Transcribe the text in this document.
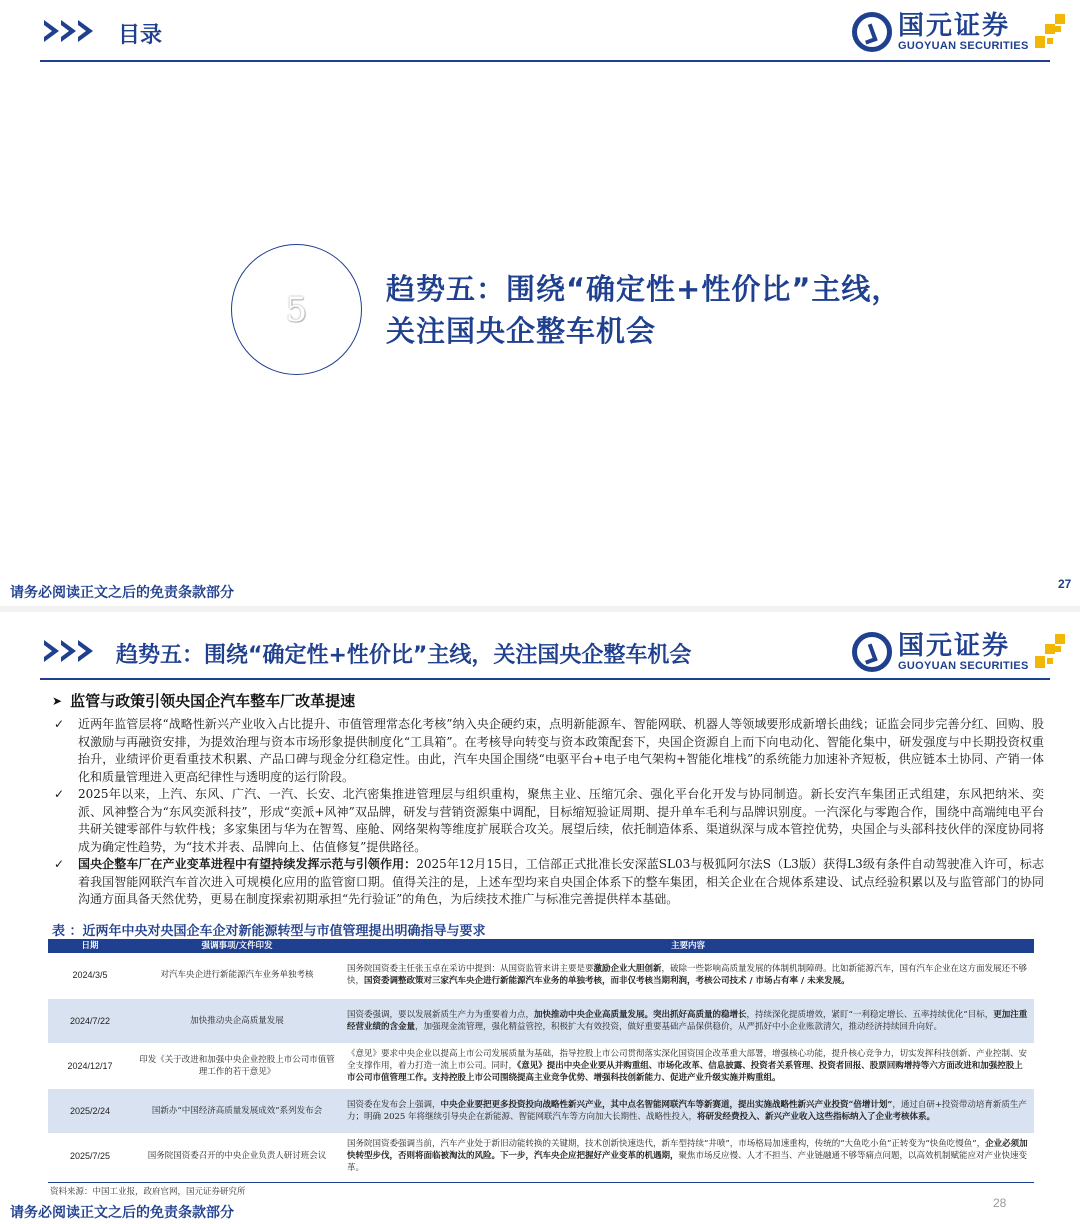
目录	国元证券
GUOYUAN SECURITIES
5
趋势五：围绕“确定性+性价比”主线，
关注国央企整车机会
请务必阅读正文之后的免责条款部分
27
趋势五：围绕“确定性+性价比”主线，关注国央企整车机会	国元证券
GUOYUAN SECURITIES
➤ 监管与政策引领央国企汽车整车厂改革提速
✓	近两年监管层将“战略性新兴产业收入占比提升、市值管理常态化考核”纳入央企硬约束，点明新能源车、智能网联、机器人等领域要形成新增长曲线；证监会同步完善分红、回购、股权激励与再融资安排，为提效治理与资本市场形象提供制度化“工具箱”。在考核导向转变与资本政策配套下，央国企资源自上而下向电动化、智能化集中，研发强度与中长期投资权重抬升，业绩评价更看重技术积累、产品口碑与现金分红稳定性。由此，汽车央国企围绕“电驱平台+电子电气架构+智能化堆栈”的系统能力加速补齐短板，供应链本土协同、产销一体化和质量管理进入更高纪律性与透明度的运行阶段。
✓	2025年以来，上汽、东风、广汽、一汽、长安、北汽密集推进管理层与组织重构，聚焦主业、压缩冗余、强化平台化开发与协同制造。新长安汽车集团正式组建，东风把纳米、奕派、风神整合为“东风奕派科技”，形成“奕派+风神”双品牌，研发与营销资源集中调配，目标缩短验证周期、提升单车毛利与品牌识别度。一汽深化与零跑合作，围绕中高端纯电平台共研关键零部件与软件栈；多家集团与华为在智驾、座舱、网络架构等维度扩展联合攻关。展望后续，依托制造体系、渠道纵深与成本管控优势，央国企与头部科技伙伴的深度协同将成为确定性趋势，为“技术并表、品牌向上、估值修复”提供路径。
✓	国央企整车厂在产业变革进程中有望持续发挥示范与引领作用：2025年12月15日，工信部正式批准长安深蓝SL03与极狐阿尔法S（L3版）获得L3级有条件自动驾驶准入许可，标志着我国智能网联汽车首次进入可规模化应用的监管窗口期。值得关注的是，上述车型均来自央国企体系下的整车集团，相关企业在合规体系建设、试点经验积累以及与监管部门的协同沟通方面具备天然优势，更易在制度探索初期承担“先行验证”的角色，为后续技术推广与标准完善提供样本基础。
表 ：近两年中央对央国企车企对新能源转型与市值管理提出明确指导与要求
日期	强调事项/文件印发	主要内容
2024/3/5	对汽车央企进行新能源汽车业务单独考核	国务院国资委主任张玉卓在采访中提到：从国资监管来讲主要是要激励企业大胆创新，破除一些影响高质量发展的体制机制障碍。比如新能源汽车，国有汽车企业在这方面发展还不够快，国资委调整政策对三家汽车央企进行新能源汽车业务的单独考核，而非仅考核当期利润，考核公司技术 / 市场占有率 / 未来发展。
2024/7/22	加快推动央企高质量发展	国资委强调，要以发展新质生产力为重要着力点，加快推动中央企业高质量发展。突出抓好高质量的稳增长，持续深化提质增效，紧盯“一利稳定增长、五率持续优化”目标，更加注重经营业绩的含金量，加强现金流管理，强化精益管控，积极扩大有效投资，做好重要基础产品保供稳价，从严抓好中小企业账款清欠，推动经济持续回升向好。
2024/12/17	印发《关于改进和加强中央企业控股上市公司市值管理工作的若干意见》	《意见》要求中央企业以提高上市公司发展质量为基础，指导控股上市公司贯彻落实深化国资国企改革重大部署，增强核心功能，提升核心竞争力，切实发挥科技创新、产业控制、安全支撑作用，着力打造一流上市公司。同时，《意见》提出中央企业要从并购重组、市场化改革、信息披露、投资者关系管理、投资者回报、股票回购增持等六方面改进和加强控股上市公司市值管理工作。支持控股上市公司围绕提高主业竞争优势、增强科技创新能力、促进产业升级实施并购重组。
2025/2/24	国新办“中国经济高质量发展成效”系列发布会	国资委在发布会上强调，中央企业要把更多投资投向战略性新兴产业，其中点名智能网联汽车等新赛道，提出实施战略性新兴产业投资“倍增计划”，通过自研+投资带动培育新质生产力；明确 2025 年将继续引导央企在新能源、智能网联汽车等方向加大长期性、战略性投入，将研发经费投入、新兴产业收入这些指标纳入了企业考核体系。
2025/7/25	国务院国资委召开的中央企业负责人研讨班会议	国务院国资委强调当前，汽车产业处于新旧动能转换的关键期，技术创新快速迭代，新车型持续“井喷”，市场格局加速重构，传统的“大鱼吃小鱼”正转变为“快鱼吃慢鱼”，企业必须加快转型步伐，否则将面临被淘汰的风险。下一步，汽车央企应把握好产业变革的机遇期，聚焦市场反应慢、人才不担当、产业链融通不够等痛点问题，以高效机制赋能应对产业快速变革。
资料来源：中国工业报，政府官网，国元证券研究所
请务必阅读正文之后的免责条款部分
28
